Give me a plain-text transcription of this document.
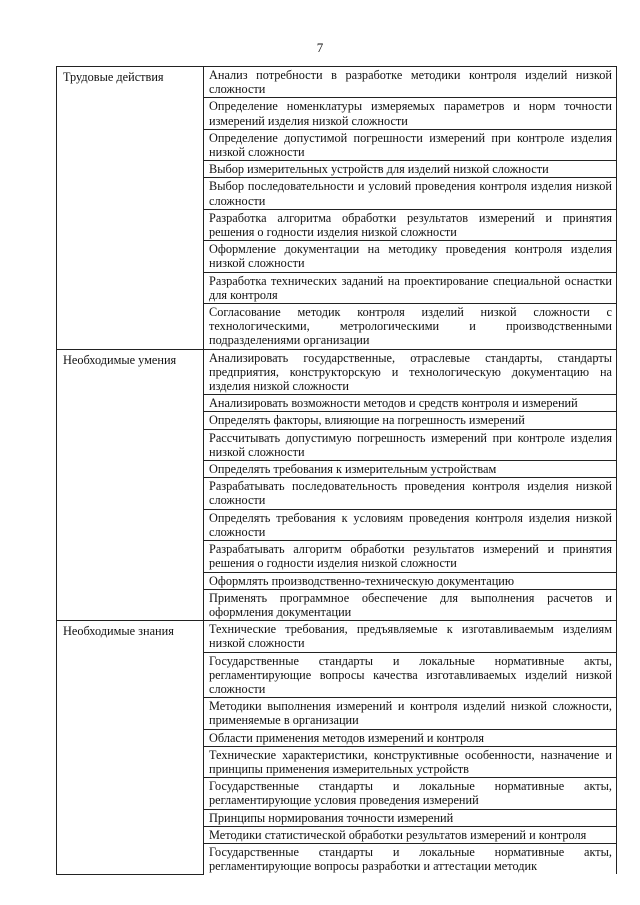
7
Трудовые действия	Анализ потребности в разработке методики контроля изделий низкой сложности
	Определение номенклатуры измеряемых параметров и норм точности измерений изделия низкой сложности
	Определение допустимой погрешности измерений при контроле изделия низкой сложности
	Выбор измерительных устройств для изделий низкой сложности
	Выбор последовательности и условий проведения контроля изделия низкой сложности
	Разработка алгоритма обработки результатов измерений и принятия решения о годности изделия низкой сложности
	Оформление документации на методику проведения контроля изделия низкой сложности
	Разработка технических заданий на проектирование специальной оснастки для контроля
	Согласование методик контроля изделий низкой сложности с технологическими, метрологическими и производственными подразделениями организации
Необходимые умения	Анализировать государственные, отраслевые стандарты, стандарты предприятия, конструкторскую и технологическую документацию на изделия низкой сложности
	Анализировать возможности методов и средств контроля и измерений
	Определять факторы, влияющие на погрешность измерений
	Рассчитывать допустимую погрешность измерений при контроле изделия низкой сложности
	Определять требования к измерительным устройствам
	Разрабатывать последовательность проведения контроля изделия низкой сложности
	Определять требования к условиям проведения контроля изделия низкой сложности
	Разрабатывать алгоритм обработки результатов измерений и принятия решения о годности изделия низкой сложности
	Оформлять производственно-техническую документацию
	Применять программное обеспечение для выполнения расчетов и оформления документации
Необходимые знания	Технические требования, предъявляемые к изготавливаемым изделиям низкой сложности
	Государственные стандарты и локальные нормативные акты, регламентирующие вопросы качества изготавливаемых изделий низкой сложности
	Методики выполнения измерений и контроля изделий низкой сложности, применяемые в организации
	Области применения методов измерений и контроля
	Технические характеристики, конструктивные особенности, назначение и принципы применения измерительных устройств
	Государственные стандарты и локальные нормативные акты, регламентирующие условия проведения измерений
	Принципы нормирования точности измерений
	Методики статистической обработки результатов измерений и контроля
	Государственные стандарты и локальные нормативные акты, регламентирующие вопросы разработки и аттестации методик
